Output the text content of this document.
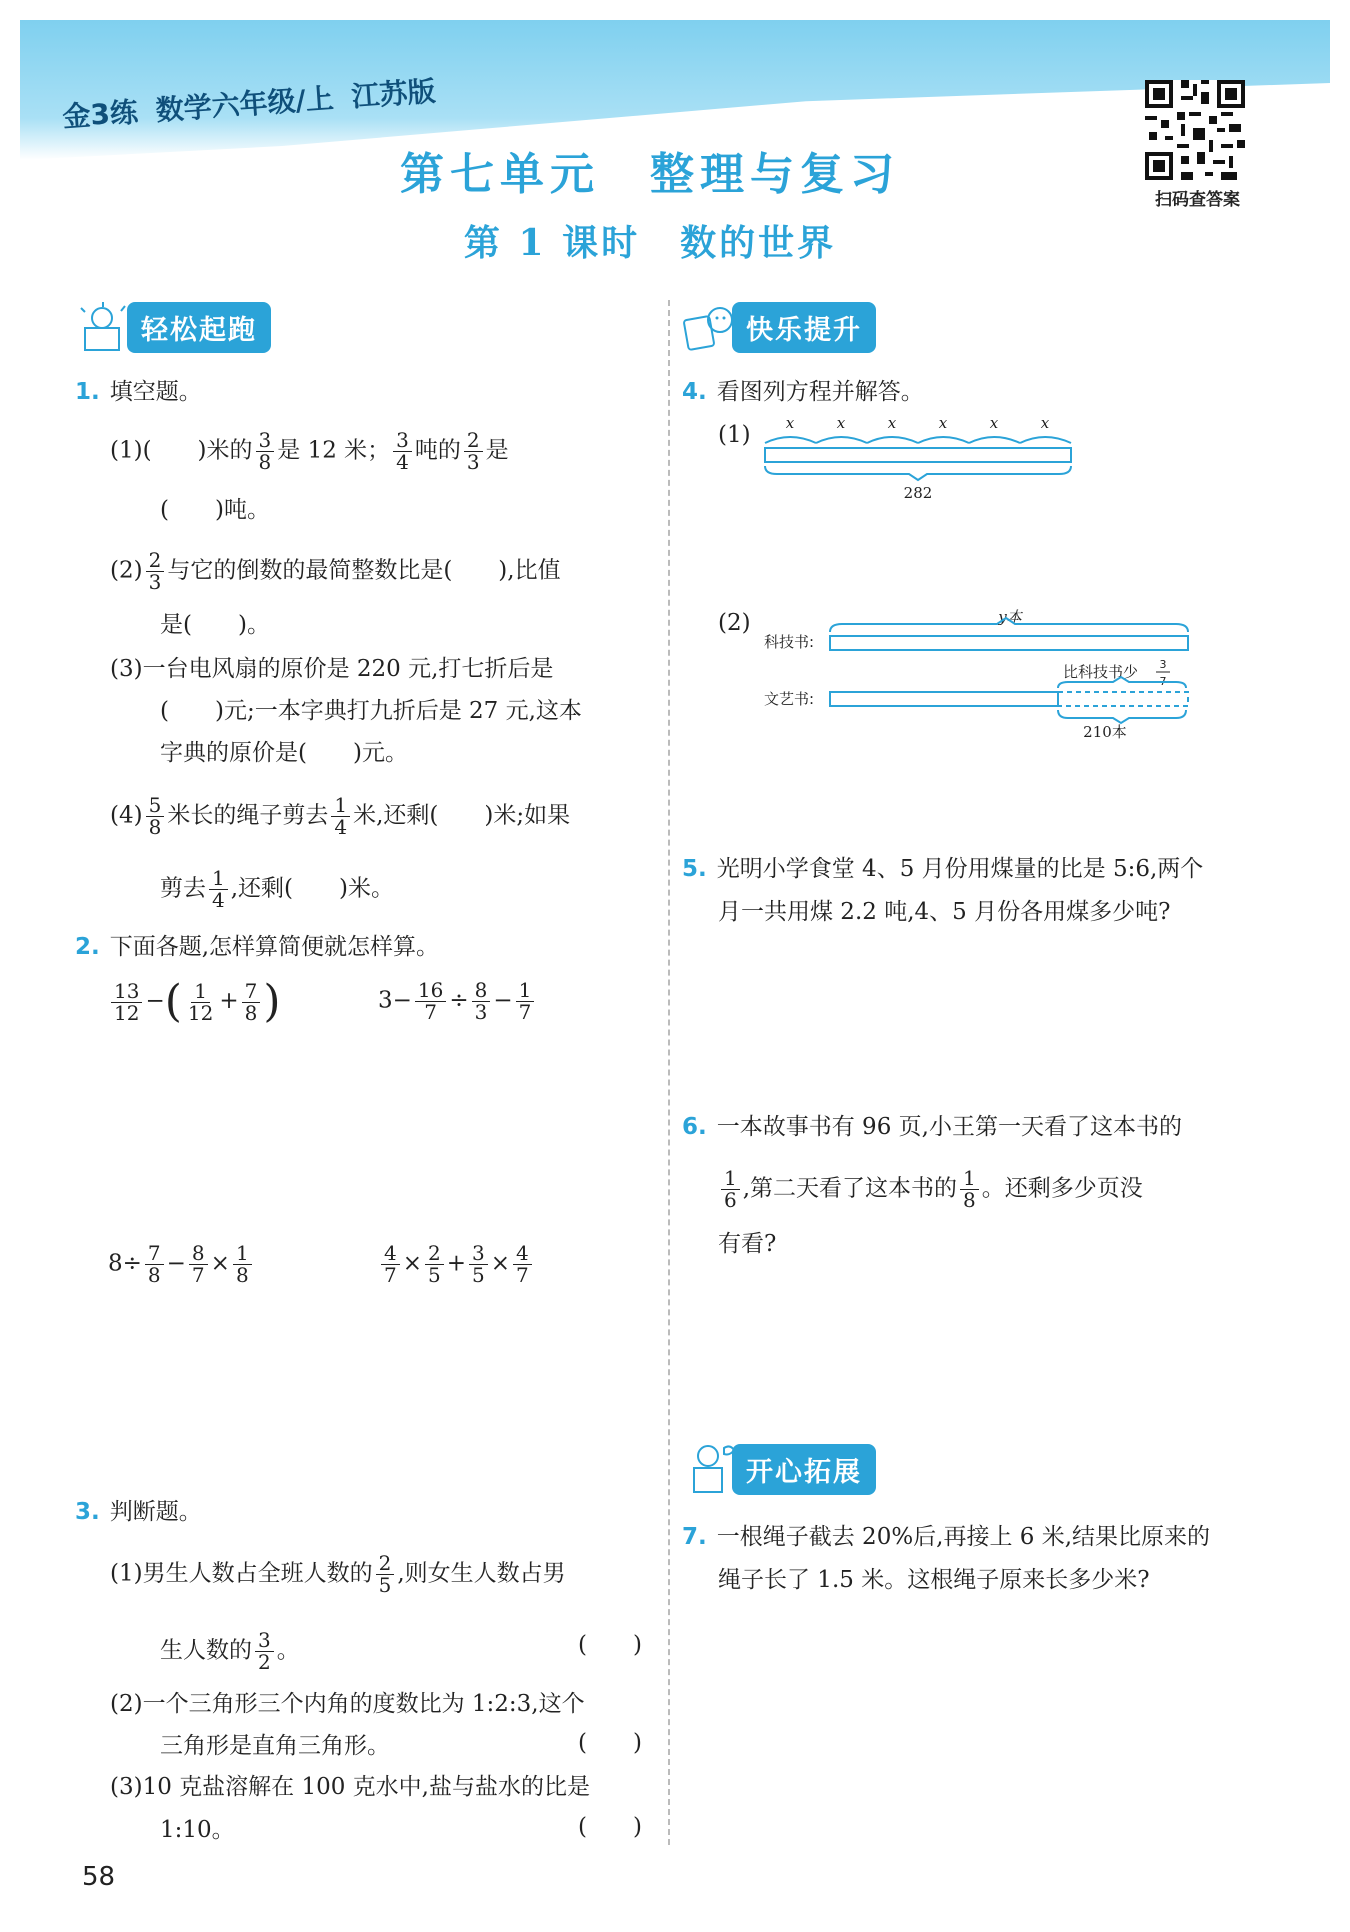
金3练 数学六年级/上 江苏版
扫码查答案
第七单元 整理与复习
第 1 课时 数的世界
轻松起跑	快乐提升
开心拓展
1. 填空题。
(1)(　　)米的 $\frac{3}{8}$ 是 12 米； $\frac{3}{4}$ 吨的 $\frac{2}{3}$ 是
(　　)吨。
$(2) \frac{2}{3}$ 与它的倒数的最简整数比是(　　),比值
是(　　)。
(3)一台电风扇的原价是 220 元,打七折后是
(　　)元;一本字典打九折后是 27 元,这本
字典的原价是(　　)元。
$(4) \frac{5}{8}$ 米长的绳子剪去 $\frac{1}{4}$ 米,还剩(　　)米;如果
剪去 $\frac{1}{4}$ ,还剩(　　)米。
2. 下面各题,怎样算简便就怎样算。
$\frac{13}{12}$ −( $\frac{1}{12} + \frac{7}{8}$ )	$3- \frac{16}{7} \div \frac{8}{3} - \frac{1}{7}$
$8\div \frac{7}{8} - \frac{8}{7} \times \frac{1}{8}$	$\frac{4}{7} \times \frac{2}{5} + \frac{3}{5} \times \frac{4}{7}$
3. 判断题。
(1)男生人数占全班人数的 $\frac{2}{5}$ ,则女生人数占男
生人数的 $\frac{3}{2}$ 。	(　　)
(2)一个三角形三个内角的度数比为 1:2:3,这个
三角形是直角三角形。	(　　)
(3)10 克盐溶解在 100 克水中,盐与盐水的比是
1:10。	(　　)
4. 看图列方程并解答。
(1) x	x	x	x	x	x
282
(2)
科技书:
文艺书:
比科技书少 3
7
y本
210本
5. 光明小学食堂 4、5 月份用煤量的比是 5:6,两个
月一共用煤 2.2 吨,4、5 月份各用煤多少吨?
6. 一本故事书有 96 页,小王第一天看了这本书的
$\frac{1}{6}$ ,第二天看了这本书的 $\frac{1}{8}$ 。还剩多少页没
有看?
7. 一根绳子截去 20%后,再接上 6 米,结果比原来的
绳子长了 1.5 米。这根绳子原来长多少米?
58
